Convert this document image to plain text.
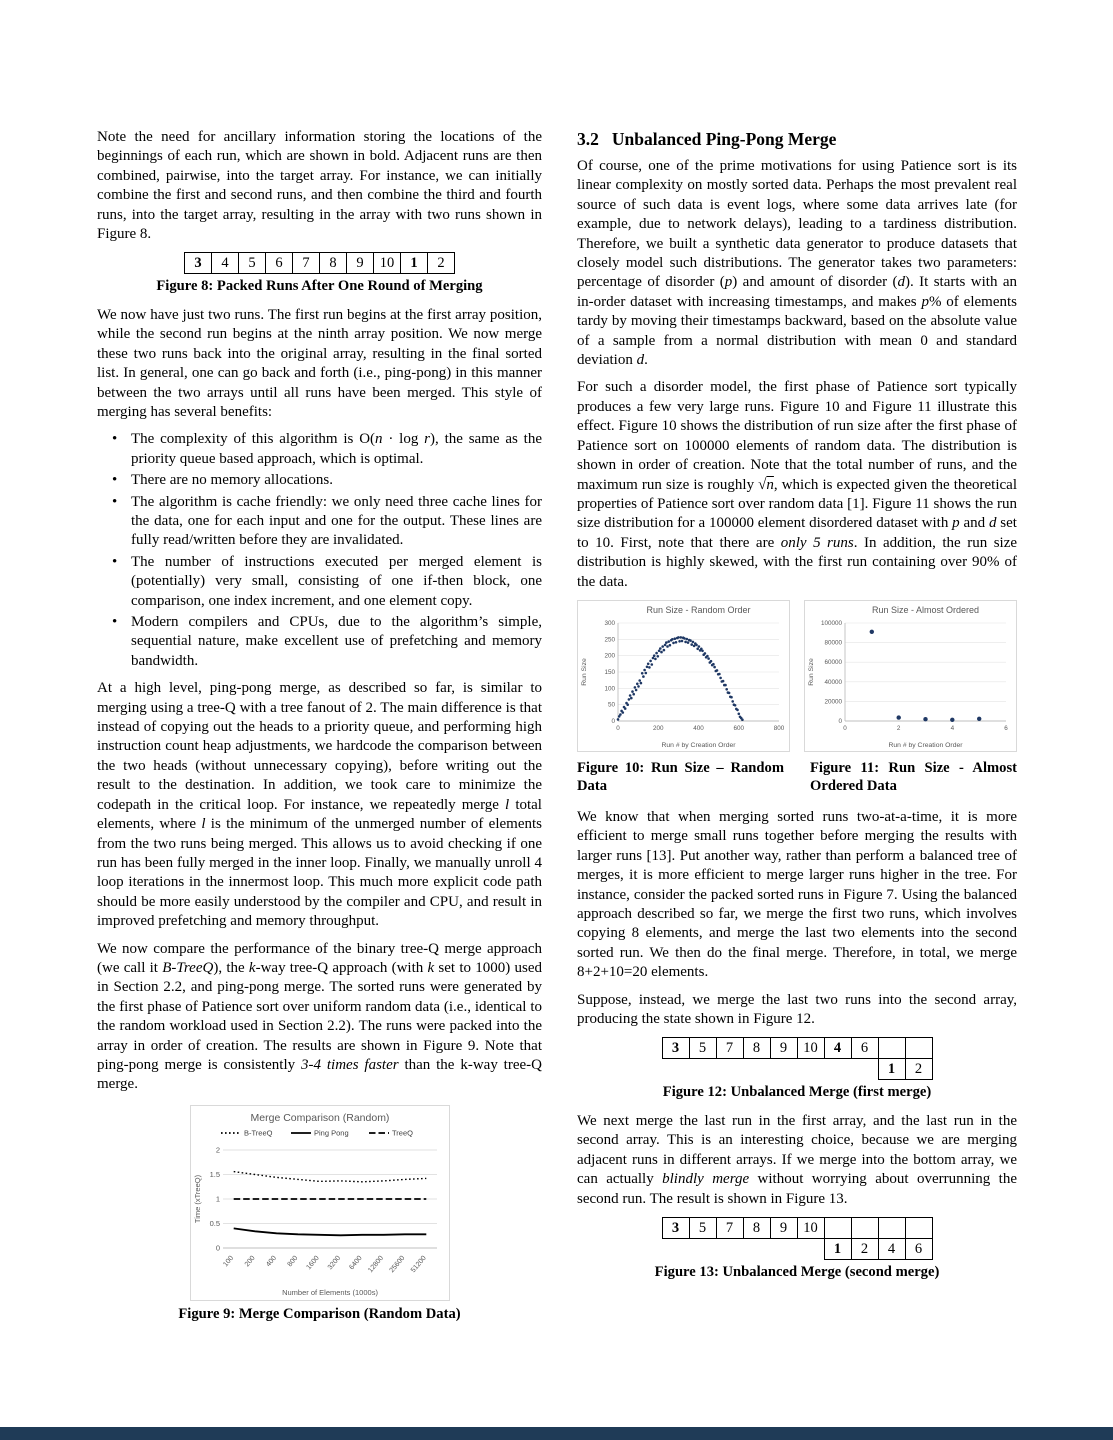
Note the need for ancillary information storing the locations of the beginnings of each run, which are shown in bold. Adjacent runs are then combined, pairwise, into the target array. For instance, we can initially combine the first and second runs, and then combine the third and fourth runs, into the target array, resulting in the array with two runs shown in Figure 8.

3	4	5	6	7	8	9	10	1	2

Figure 8: Packed Runs After One Round of Merging

We now have just two runs. The first run begins at the first array position, while the second run begins at the ninth array position. We now merge these two runs back into the original array, resulting in the final sorted list. In general, one can go back and forth (i.e., ping-pong) in this manner between the two arrays until all runs have been merged. This style of merging has several benefits:

• The complexity of this algorithm is O(n · log r), the same as the priority queue based approach, which is optimal.
• There are no memory allocations.
• The algorithm is cache friendly: we only need three cache lines for the data, one for each input and one for the output. These lines are fully read/written before they are invalidated.
• The number of instructions executed per merged element is (potentially) very small, consisting of one if-then block, one comparison, one index increment, and one element copy.
• Modern compilers and CPUs, due to the algorithm’s simple, sequential nature, make excellent use of prefetching and memory bandwidth.

At a high level, ping-pong merge, as described so far, is similar to merging using a tree-Q with a tree fanout of 2. The main difference is that instead of copying out the heads to a priority queue, and performing high instruction count heap adjustments, we hardcode the comparison between the two heads (without unnecessary copying), before writing out the result to the destination. In addition, we took care to minimize the codepath in the critical loop. For instance, we repeatedly merge l total elements, where l is the minimum of the unmerged number of elements from the two runs being merged. This allows us to avoid checking if one run has been fully merged in the inner loop. Finally, we manually unroll 4 loop iterations in the innermost loop. This much more explicit code path should be more easily understood by the compiler and CPU, and result in improved prefetching and memory throughput.

We now compare the performance of the binary tree-Q merge approach (we call it B-TreeQ), the k-way tree-Q approach (with k set to 1000) used in Section 2.2, and ping-pong merge. The sorted runs were generated by the first phase of Patience sort over uniform random data (i.e., identical to the random workload used in Section 2.2). The runs were packed into the array in order of creation. The results are shown in Figure 9. Note that ping-pong merge is consistently 3-4 times faster than the k-way tree-Q merge.

Merge Comparison (Random)
B-TreeQ	Ping Pong	TreeQ
0
0.5
1
1.5
2
100 200 400 800 1600 3200 6400 12800 25600 51200
Number of Elements (1000s)
Time (xTreeQ)

Figure 9: Merge Comparison (Random Data)

3.2 Unbalanced Ping-Pong Merge

Of course, one of the prime motivations for using Patience sort is its linear complexity on mostly sorted data. Perhaps the most prevalent real source of such data is event logs, where some data arrives late (for example, due to network delays), leading to a tardiness distribution. Therefore, we built a synthetic data generator to produce datasets that closely model such distributions. The generator takes two parameters: percentage of disorder (p) and amount of disorder (d). It starts with an in-order dataset with increasing timestamps, and makes p% of elements tardy by moving their timestamps backward, based on the absolute value of a sample from a normal distribution with mean 0 and standard deviation d.

For such a disorder model, the first phase of Patience sort typically produces a few very large runs. Figure 10 and Figure 11 illustrate this effect. Figure 10 shows the distribution of run size after the first phase of Patience sort on 100000 elements of random data. The distribution is shown in order of creation. Note that the total number of runs, and the maximum run size is roughly √n, which is expected given the theoretical properties of Patience sort over random data [1]. Figure 11 shows the run size distribution for a 100000 element disordered dataset with p and d set to 10. First, note that there are only 5 runs. In addition, the run size distribution is highly skewed, with the first run containing over 90% of the data.

Run Size - Random Order
0
50
100
150
200
250
300
0	200	400	600	800
Run # by Creation Order
Run Size
Run Size - Almost Ordered
0
20000
40000
60000
80000
100000
0	2	4	6
Run # by Creation Order
Run Size

Figure 10: Run Size – Random Data

Figure 11: Run Size - Almost Ordered Data

We know that when merging sorted runs two-at-a-time, it is more efficient to merge small runs together before merging the results with larger runs [13]. Put another way, rather than perform a balanced tree of merges, it is more efficient to merge larger runs higher in the tree. For instance, consider the packed sorted runs in Figure 7. Using the balanced approach described so far, we merge the first two runs, which involves copying 8 elements, and merge the last two elements into the second sorted run. We then do the final merge. Therefore, in total, we merge 8+2+10=20 elements.

Suppose, instead, we merge the last two runs into the second array, producing the state shown in Figure 12.

3	5	7	8	9	10	4	6		
								1	2

Figure 12: Unbalanced Merge (first merge)

We next merge the last run in the first array, and the last run in the second array. This is an interesting choice, because we are merging adjacent runs in different arrays. If we merge into the bottom array, we can actually blindly merge without worrying about overrunning the second run. The result is shown in Figure 13.

3	5	7	8	9	10				
						1	2	4	6

Figure 13: Unbalanced Merge (second merge)
